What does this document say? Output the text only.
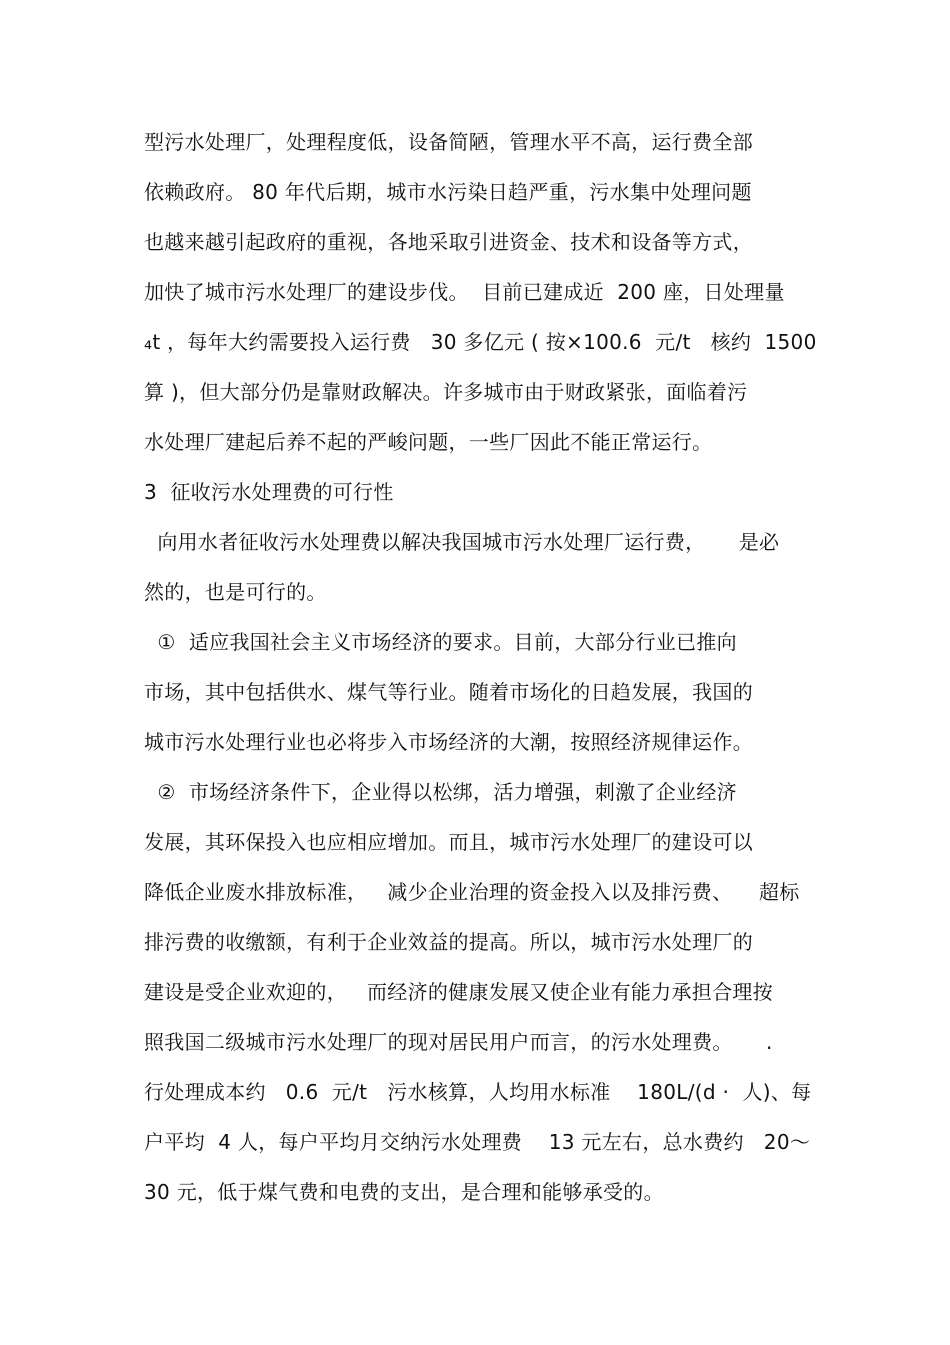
型污水处理厂，处理程度低，设备简陋，管理水平不高，运行费全部
依赖政府。 80 年代后期，城市水污染日趋严重，污水集中处理问题
也越来越引起政府的重视，各地采取引进资金、技术和设备等方式，
加快了城市污水处理厂的建设步伐。  目前已建成近  200 座，日处理量
₄t ，每年大约需要投入运行费   30 多亿元 ( 按×100.6  元/t   核约  1500
算 )，但大部分仍是靠财政解决。许多城市由于财政紧张，面临着污
水处理厂建起后养不起的严峻问题，一些厂因此不能正常运行。
3  征收污水处理费的可行性
向用水者征收污水处理费以解决我国城市污水处理厂运行费，     是必
然的，也是可行的。
①  适应我国社会主义市场经济的要求。目前，大部分行业已推向
市场，其中包括供水、煤气等行业。随着市场化的日趋发展，我国的
城市污水处理行业也必将步入市场经济的大潮，按照经济规律运作。
②  市场经济条件下，企业得以松绑，活力增强，刺激了企业经济
发展，其环保投入也应相应增加。而且，城市污水处理厂的建设可以
降低企业废水排放标准，   减少企业治理的资金投入以及排污费、    超标
排污费的收缴额，有利于企业效益的提高。所以，城市污水处理厂的
建设是受企业欢迎的，   而经济的健康发展又使企业有能力承担合理按
照我国二级城市污水处理厂的现对居民用户而言，的污水处理费。     .
行处理成本约   0.6  元/t   污水核算，人均用水标准    180L/(d ·  人)、每
户平均  4 人，每户平均月交纳污水处理费    13 元左右，总水费约   20～
30 元，低于煤气费和电费的支出，是合理和能够承受的。
